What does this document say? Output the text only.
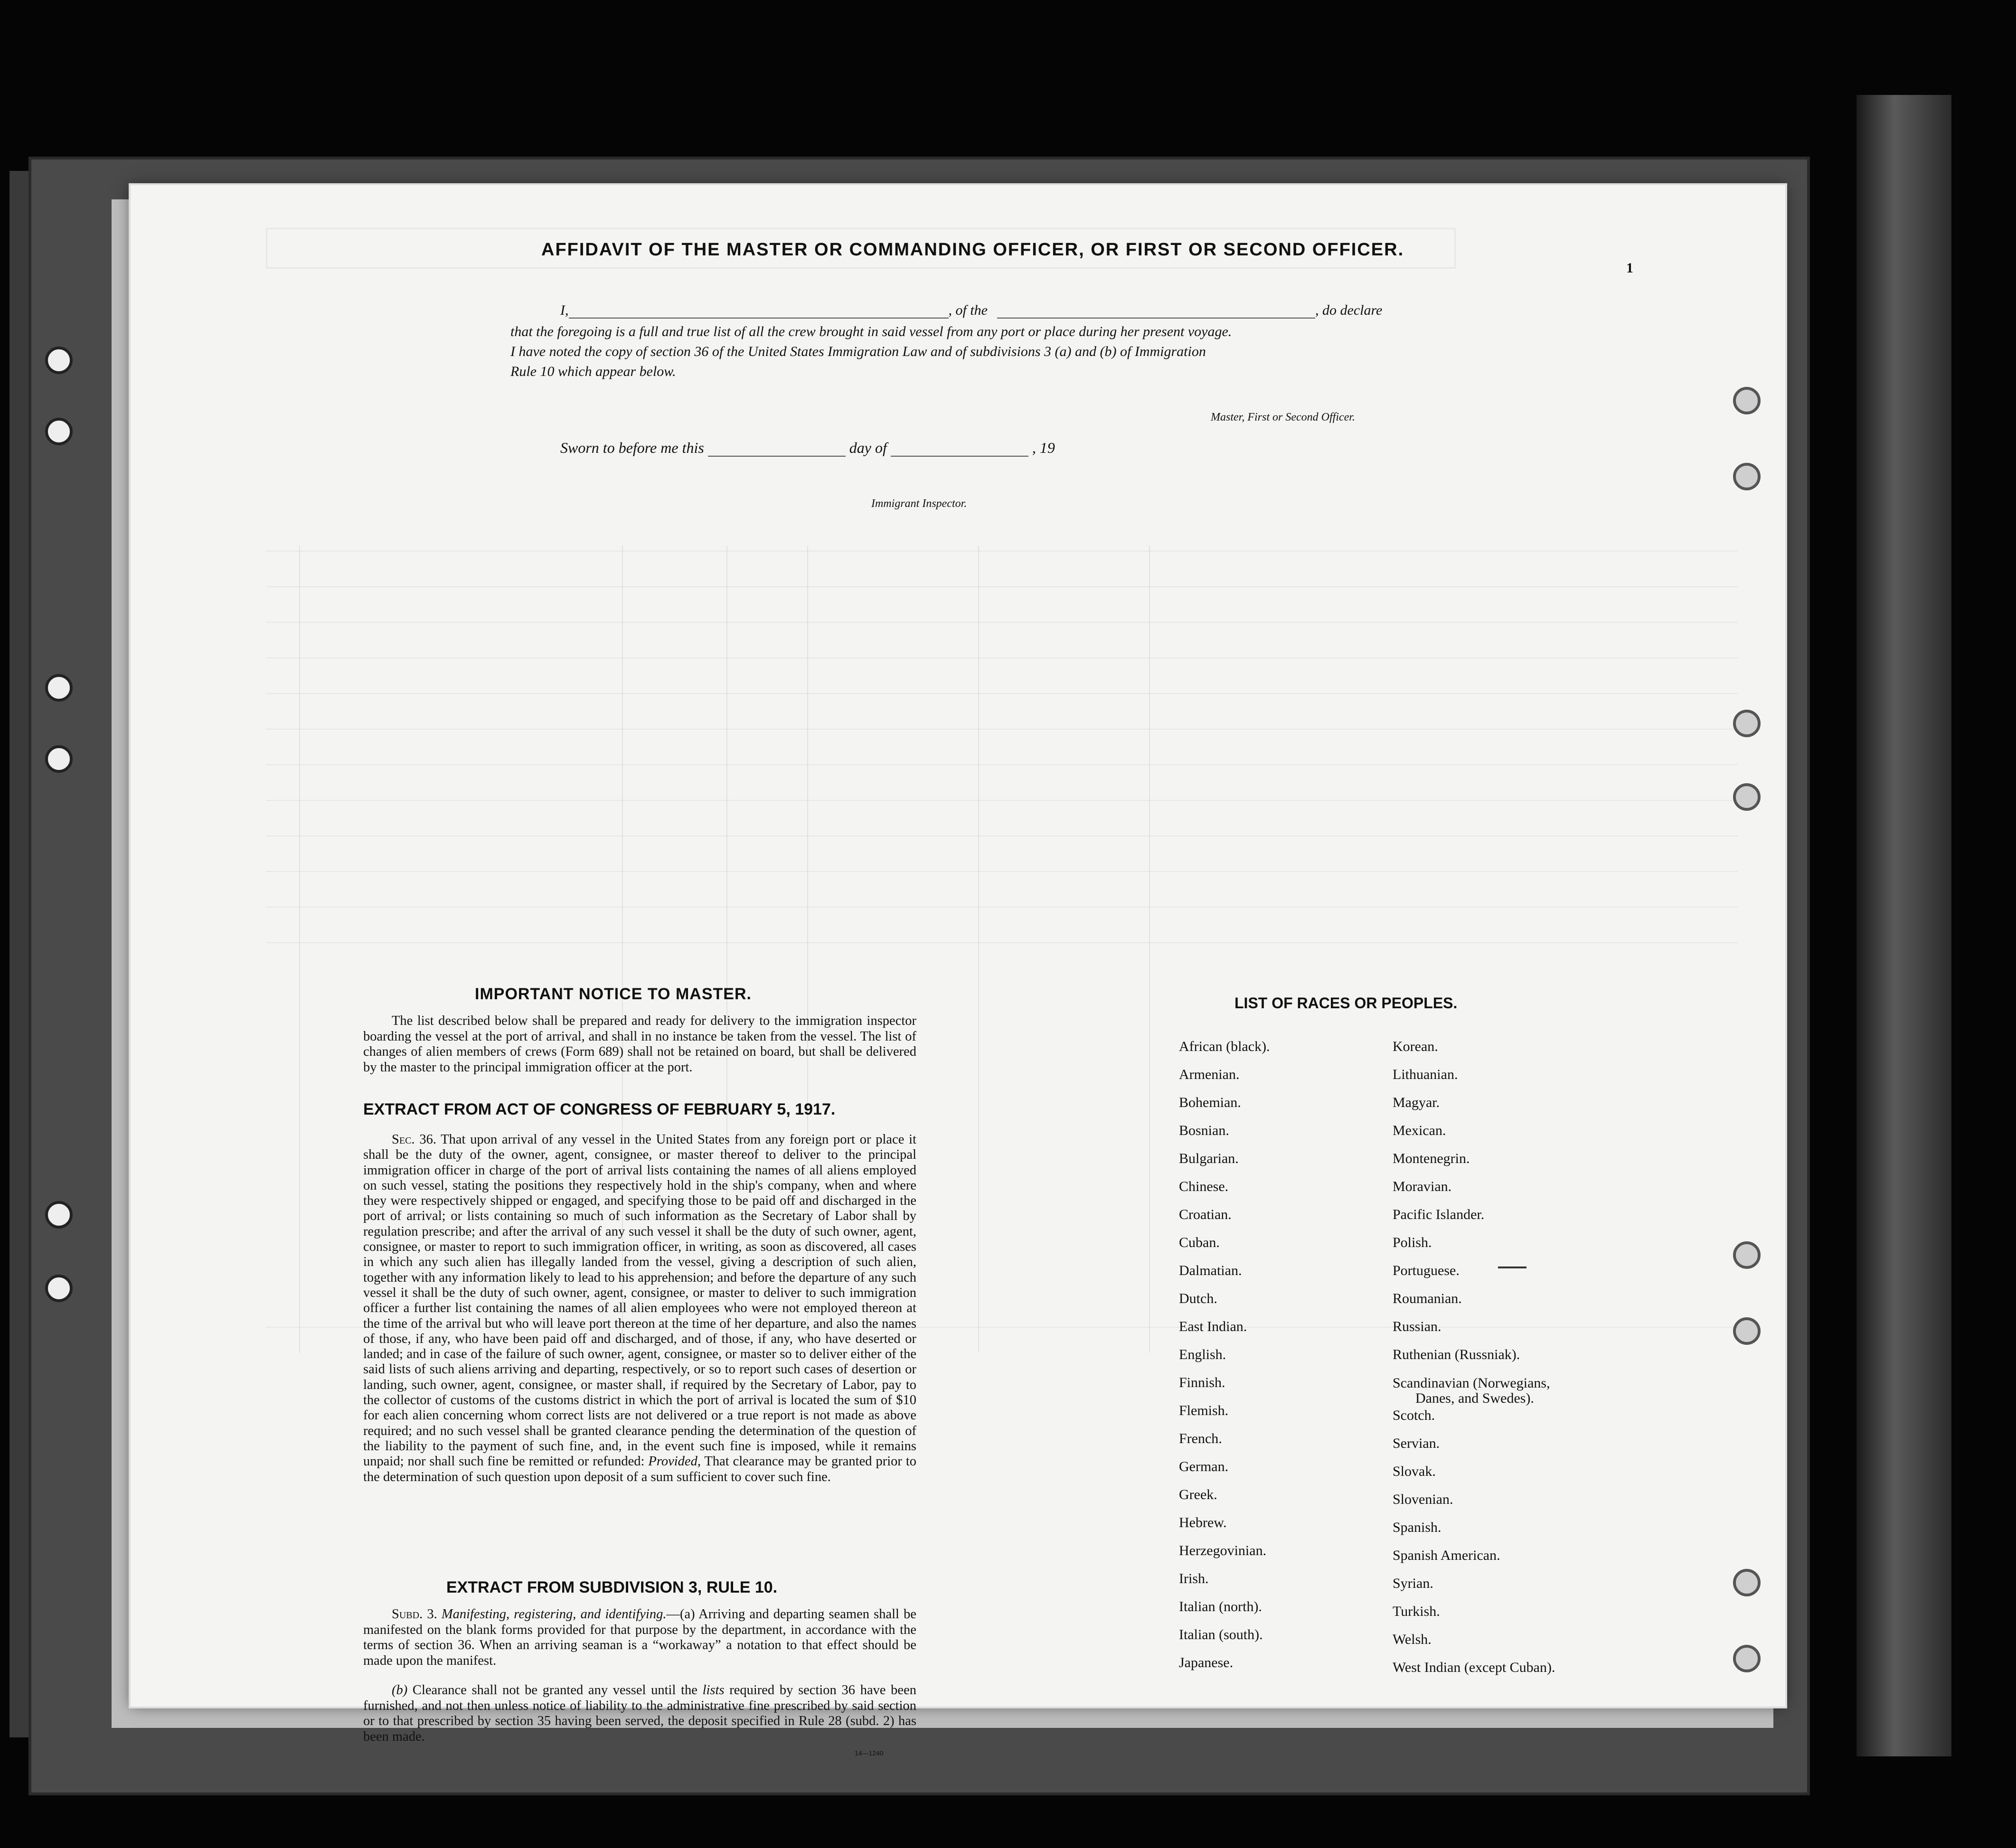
1
AFFIDAVIT OF THE MASTER OR COMMANDING OFFICER, OR FIRST OR SECOND OFFICER.
I,	, of the	, do declare
that the foregoing is a full and true list of all the crew brought in said vessel from any port or place during her present voyage.
I have noted the copy of section 36 of the United States Immigration Law and of subdivisions 3 (a) and (b) of Immigration
Rule 10 which appear below.
Master, First or Second Officer.
Sworn to before me this	day of	, 19
Immigrant Inspector.
IMPORTANT NOTICE TO MASTER.
The list described below shall be prepared and ready for delivery to the immigration inspector boarding the vessel at the port of arrival, and shall in no instance be taken from the vessel. The list of changes of alien members of crews (Form 689) shall not be retained on board, but shall be delivered by the master to the principal immigration officer at the port.
EXTRACT FROM ACT OF CONGRESS OF FEBRUARY 5, 1917.
Sec. 36. That upon arrival of any vessel in the United States from any foreign port or place it shall be the duty of the owner, agent, consignee, or master thereof to deliver to the principal immigration officer in charge of the port of arrival lists containing the names of all aliens employed on such vessel, stating the positions they respectively hold in the ship's company, when and where they were respectively shipped or engaged, and specifying those to be paid off and discharged in the port of arrival; or lists containing so much of such information as the Secretary of Labor shall by regulation prescribe; and after the arrival of any such vessel it shall be the duty of such owner, agent, consignee, or master to report to such immigration officer, in writing, as soon as discovered, all cases in which any such alien has illegally landed from the vessel, giving a description of such alien, together with any information likely to lead to his apprehension; and before the departure of any such vessel it shall be the duty of such owner, agent, consignee, or master to deliver to such immigration officer a further list containing the names of all alien employees who were not employed thereon at the time of the arrival but who will leave port thereon at the time of her departure, and also the names of those, if any, who have been paid off and discharged, and of those, if any, who have deserted or landed; and in case of the failure of such owner, agent, consignee, or master so to deliver either of the said lists of such aliens arriving and departing, respectively, or so to report such cases of desertion or landing, such owner, agent, consignee, or master shall, if required by the Secretary of Labor, pay to the collector of customs of the customs district in which the port of arrival is located the sum of $10 for each alien concerning whom correct lists are not delivered or a true report is not made as above required; and no such vessel shall be granted clearance pending the determination of the question of the liability to the payment of such fine, and, in the event such fine is imposed, while it remains unpaid; nor shall such fine be remitted or refunded: Provided, That clearance may be granted prior to the determination of such question upon deposit of a sum sufficient to cover such fine.
EXTRACT FROM SUBDIVISION 3, RULE 10.
Subd. 3. Manifesting, registering, and identifying.—(a) Arriving and departing seamen shall be manifested on the blank forms provided for that purpose by the department, in accordance with the terms of section 36. When an arriving seaman is a “workaway” a notation to that effect should be made upon the manifest.
(b) Clearance shall not be granted any vessel until the lists required by section 36 have been furnished, and not then unless notice of liability to the administrative fine prescribed by said section or to that prescribed by section 35 having been served, the deposit specified in Rule 28 (subd. 2) has been made.
14—1240
LIST OF RACES OR PEOPLES.
African (black).
Armenian.
Bohemian.
Bosnian.
Bulgarian.
Chinese.
Croatian.
Cuban.
Dalmatian.
Dutch.
East Indian.
English.
Finnish.
Flemish.
French.
German.
Greek.
Hebrew.
Herzegovinian.
Irish.
Italian (north).
Italian (south).
Japanese.
Korean.
Lithuanian.
Magyar.
Mexican.
Montenegrin.
Moravian.
Pacific Islander.
Polish.
Portuguese.
Roumanian.
Russian.
Ruthenian (Russniak).
Scandinavian (Norwegians,
Danes, and Swedes).
Scotch.
Servian.
Slovak.
Slovenian.
Spanish.
Spanish American.
Syrian.
Turkish.
Welsh.
West Indian (except Cuban).
